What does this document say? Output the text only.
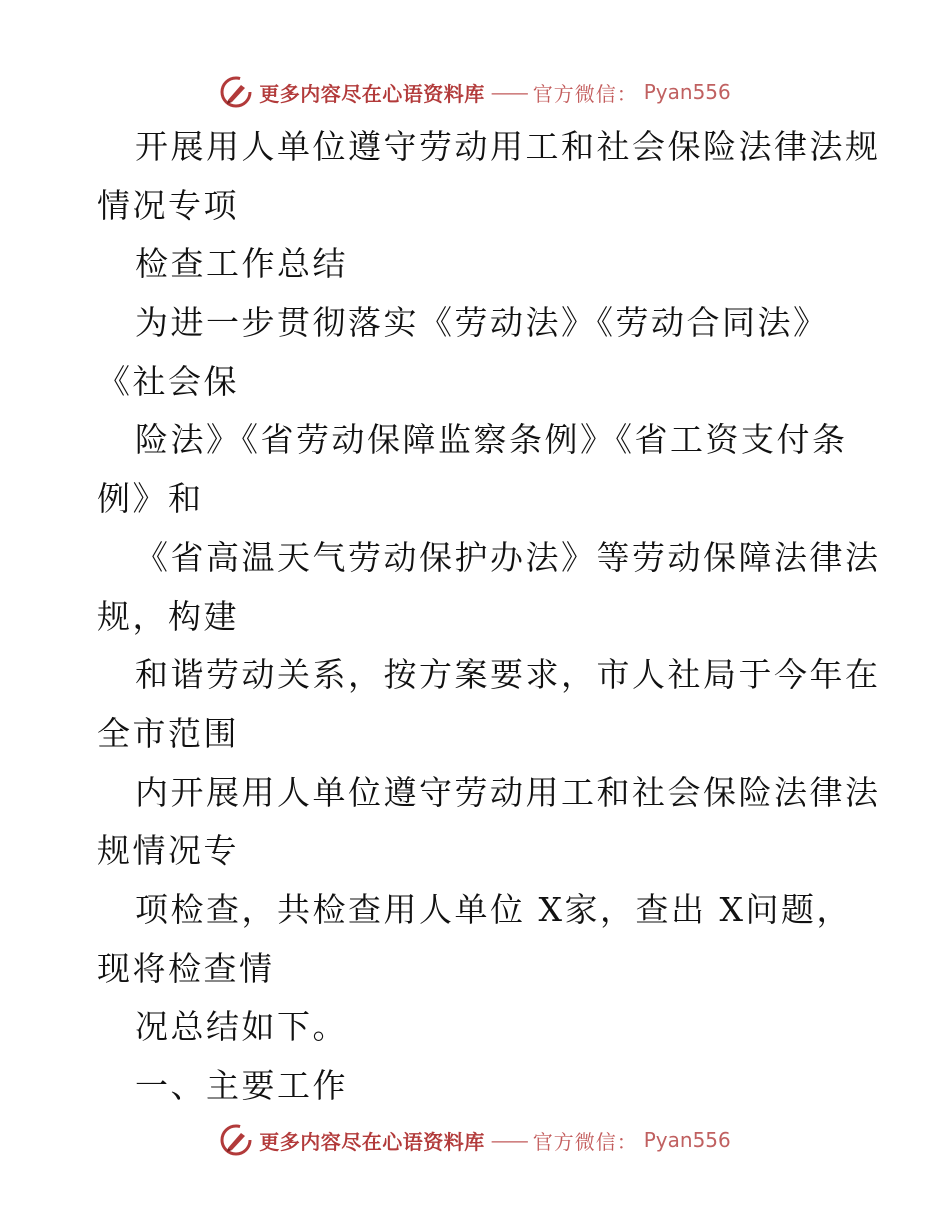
更多内容尽在心语资料库 —— 官方微信： Pyan556
开展用人单位遵守劳动用工和社会保险法律法规
情况专项
检查工作总结
为进一步贯彻落实《劳动法》《劳动合同法》
《社会保
险法》《省劳动保障监察条例》《省工资支付条
例》和
《省高温天气劳动保护办法》等劳动保障法律法
规，构建
和谐劳动关系，按方案要求，市人社局于今年在
全市范围
内开展用人单位遵守劳动用工和社会保险法律法
规情况专
项检查，共检查用人单位 X家，查出 X问题，
现将检查情
况总结如下。
一、主要工作
更多内容尽在心语资料库 —— 官方微信： Pyan556
